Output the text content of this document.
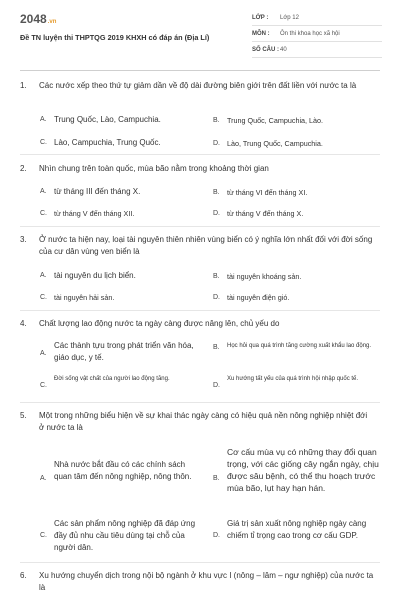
2048.vn
Đề TN luyện thi THPTQG 2019 KHXH có đáp án (Địa Lí)
LỚP :	Lớp 12
MÔN :	Ôn thi khoa học xã hội
SỐ CÂU : 40
1.	Các nước xếp theo thứ tự giảm dần về độ dài đường biên giới trên đất liền với nước ta là
A. Trung Quốc, Lào, Campuchia.	B.	Trung Quốc, Campuchia, Lào.
C. Lào, Campuchia, Trung Quốc.	D. Lào, Trung Quốc, Campuchia.
2.	Nhìn chung trên toàn quốc, mùa bão nằm trong khoảng thời gian
A. từ tháng III đến tháng X.	B.	từ tháng VI đến tháng XI.
C. từ tháng V đến tháng XII.	D. từ tháng V đến tháng X.
3.	Ở nước ta hiện nay, loại tài nguyên thiên nhiên vùng biển có ý nghĩa lớn nhất đối với đời sống của cư dân vùng ven biển là
A. tài nguyên du lịch biển.	B.	tài nguyên khoáng sản.
C. tài nguyên hải sản.	D. tài nguyên điện gió.
4.	Chất lượng lao động nước ta ngày càng được nâng lên, chủ yếu do
A.
Các thành tựu trong phát triển văn hóa, giáo dục, y tế.
B.	Học hỏi qua quá trình tăng cường xuất khẩu lao động.
C.
Đời sống vật chất của người lao động tăng.
D.
Xu hướng tất yếu của quá trình hội nhập quốc tế.
5.	Một trong những biểu hiện về sự khai thác ngày càng có hiệu quả nền nông nghiệp nhiệt đới ở nước ta là
A.
Nhà nước bắt đầu có các chính sách quan tâm đến nông nghiệp, nông thôn.	B.
Cơ cấu mùa vụ có những thay đổi quan trọng, với các giống cây ngắn ngày, chịu được sâu bệnh, có thể thu hoạch trước mùa bão, lụt hay hạn hán.
C.
Các sản phẩm nông nghiệp đã đáp ứng đầy đủ nhu cầu tiêu dùng tại chỗ của người dân.
D.
Giá trị sản xuất nông nghiệp ngày càng chiếm tỉ trọng cao trong cơ cấu GDP.
6.	Xu hướng chuyển dịch trong nội bộ ngành ở khu vực I (nông – lâm – ngư nghiệp) của nước ta là
